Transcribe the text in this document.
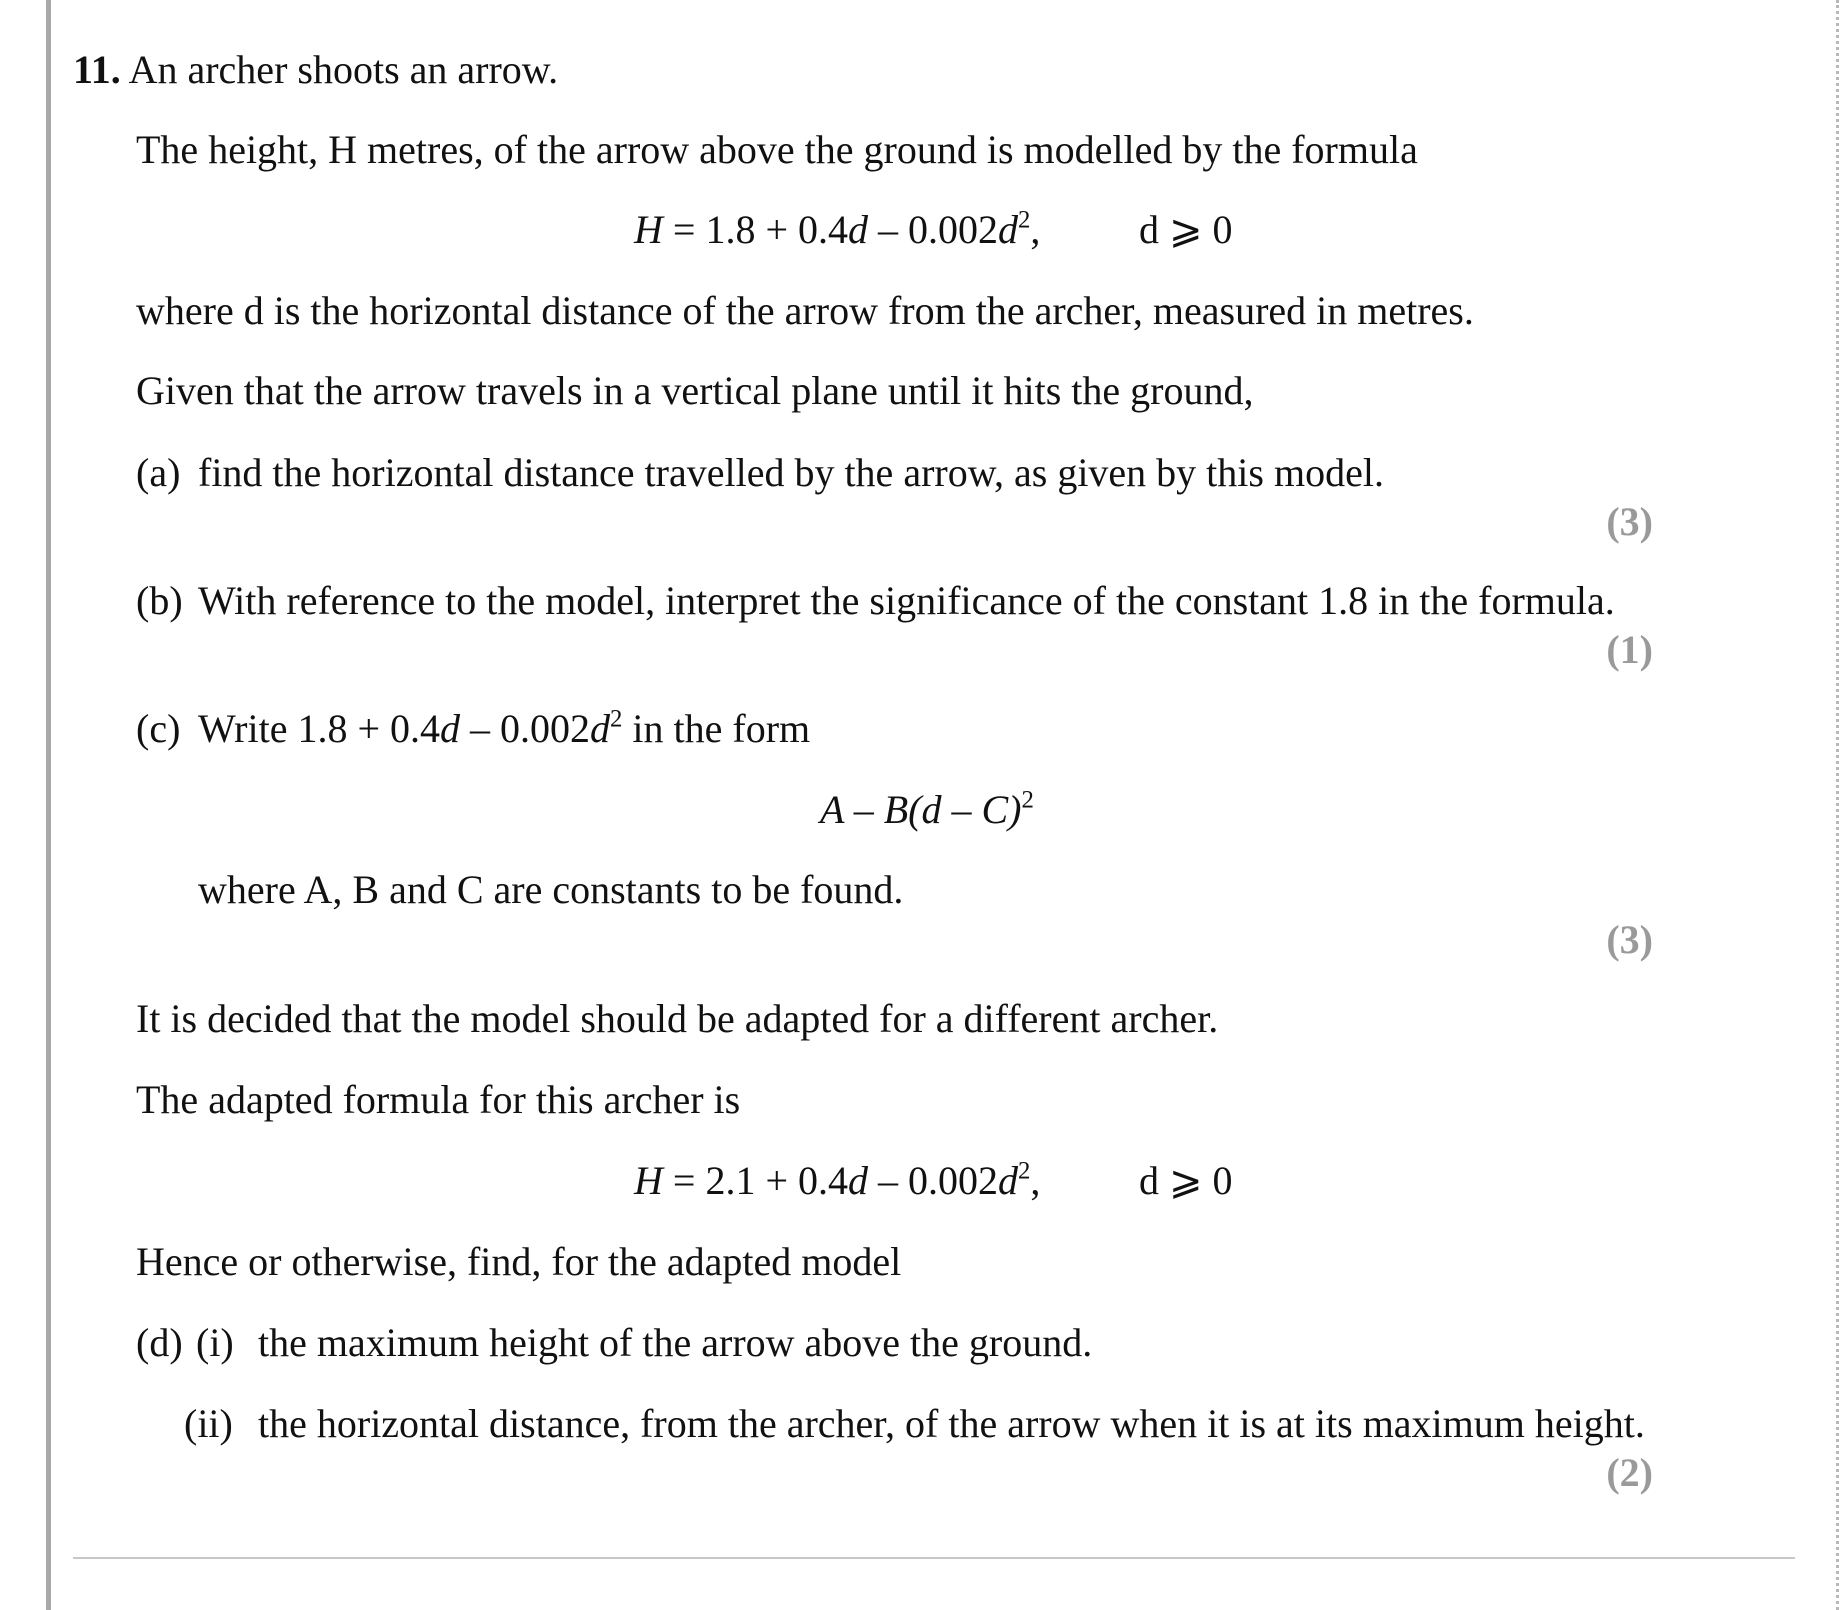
11. An archer shoots an arrow.
The height, H metres, of the arrow above the ground is modelled by the formula
$H = 1.8 + 0.4d - 0.002d^2$, d ⩾ 0
where d is the horizontal distance of the arrow from the archer, measured in metres.
Given that the arrow travels in a vertical plane until it hits the ground,
(a) find the horizontal distance travelled by the arrow, as given by this model.
(3)
(b) With reference to the model, interpret the significance of the constant 1.8 in the formula.
(1)
(c) Write $1.8 + 0.4d - 0.002d^2$ in the form
A – B(d – C)$^2$
where A, B and C are constants to be found.
(3)
It is decided that the model should be adapted for a different archer.
The adapted formula for this archer is
$H = 2.1 + 0.4d - 0.002d^2$, d ⩾ 0
Hence or otherwise, find, for the adapted model
(d) (i) the maximum height of the arrow above the ground.
(ii) the horizontal distance, from the archer, of the arrow when it is at its maximum height.
(2)
